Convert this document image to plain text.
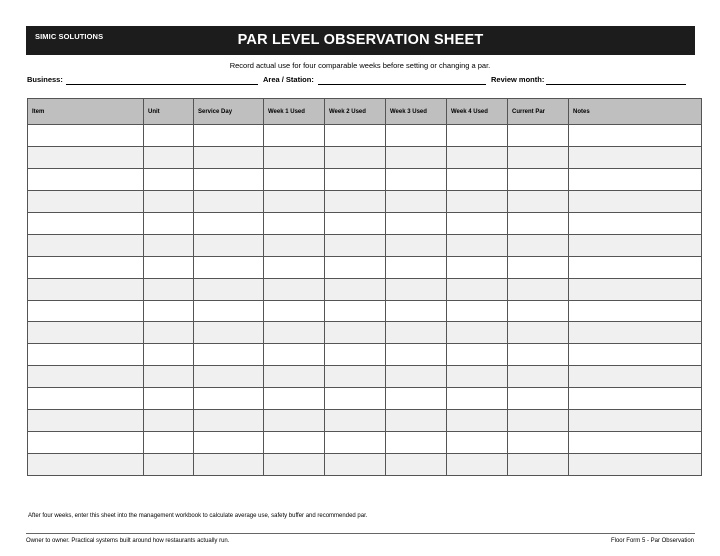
SIMIC SOLUTIONS	PAR LEVEL OBSERVATION SHEET
Record actual use for four comparable weeks before setting or changing a par.
Business:	Area / Station:	Review month:
Item	Unit	Service Day	Week 1 Used	Week 2 Used	Week 3 Used	Week 4 Used	Current Par	Notes

After four weeks, enter this sheet into the management workbook to calculate average use, safety buffer and recommended par.
Owner to owner. Practical systems built around how restaurants actually run.	Floor Form 5 - Par Observation
